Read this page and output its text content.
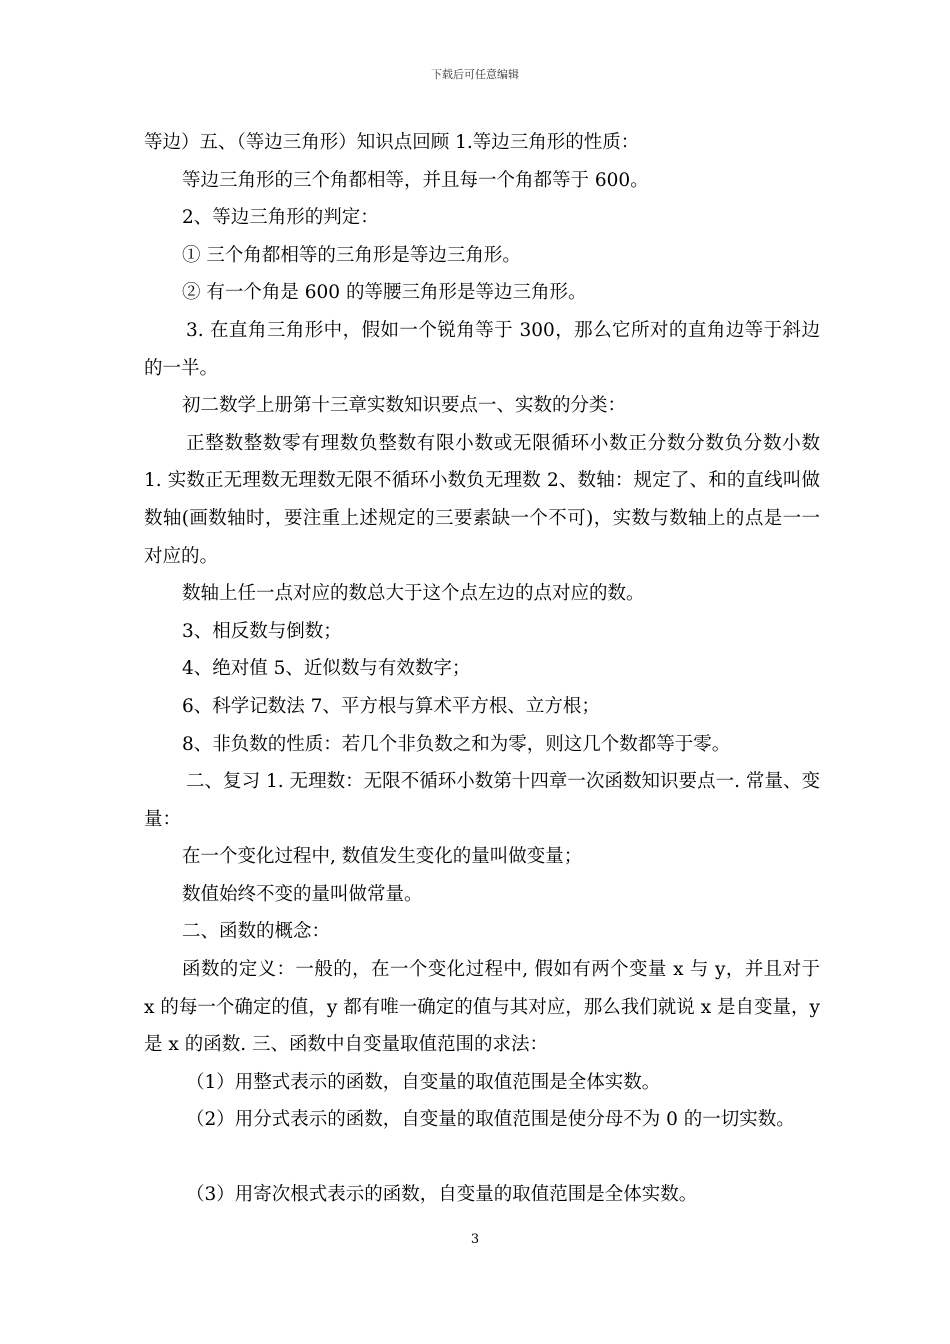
下载后可任意编辑

等边）五、（等边三角形）知识点回顾 1.等边三角形的性质：

等边三角形的三个角都相等，并且每一个角都等于 600。

2、等边三角形的判定：

① 三个角都相等的三角形是等边三角形。

② 有一个角是 600 的等腰三角形是等边三角形。

3. 在直角三角形中，假如一个锐角等于 300，那么它所对的直角边等于斜边的一半。

初二数学上册第十三章实数知识要点一、实数的分类：

正整数整数零有理数负整数有限小数或无限循环小数正分数分数负分数小数 1. 实数正无理数无理数无限不循环小数负无理数 2、数轴：规定了、和的直线叫做数轴(画数轴时，要注重上述规定的三要素缺一个不可)，实数与数轴上的点是一一对应的。

数轴上任一点对应的数总大于这个点左边的点对应的数。

3、相反数与倒数；

4、绝对值 5、近似数与有效数字；

6、科学记数法 7、平方根与算术平方根、立方根；

8、非负数的性质：若几个非负数之和为零，则这几个数都等于零。

二、复习 1. 无理数：无限不循环小数第十四章一次函数知识要点一. 常量、变量：

在一个变化过程中, 数值发生变化的量叫做变量；

数值始终不变的量叫做常量。

二、函数的概念：

函数的定义：一般的，在一个变化过程中, 假如有两个变量 x 与 y，并且对于 x 的每一个确定的值，y 都有唯一确定的值与其对应，那么我们就说 x 是自变量，y 是 x 的函数. 三、函数中自变量取值范围的求法：

（1）用整式表示的函数，自变量的取值范围是全体实数。

（2）用分式表示的函数，自变量的取值范围是使分母不为 0 的一切实数。

（3）用寄次根式表示的函数，自变量的取值范围是全体实数。

3
